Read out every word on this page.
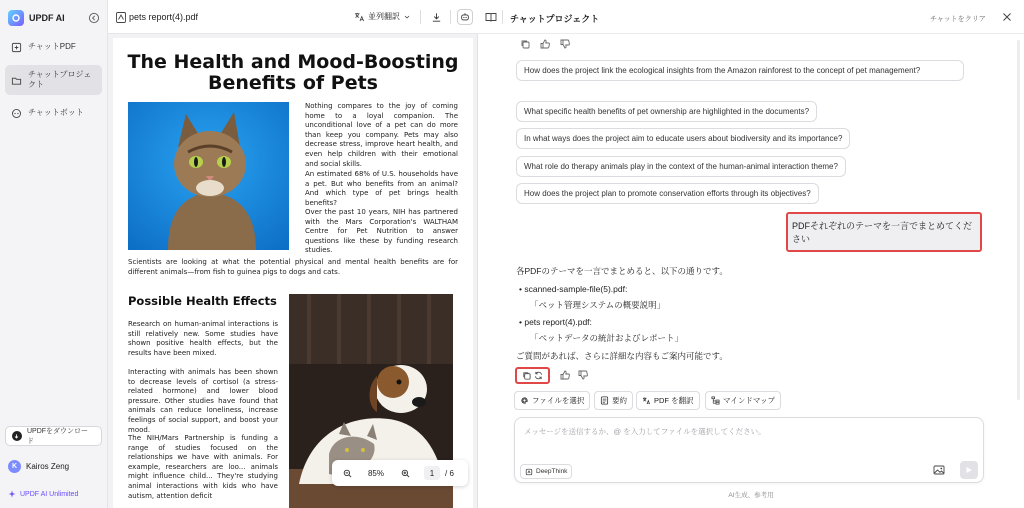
UPDF AI
チャットPDF
チャットプロジェクト
チャットボット
UPDFをダウンロード
K	Kairos Zeng
UPDF AI Unlimited
pets report(4).pdf	並列翻訳
The Health and Mood-Boosting
Benefits of Pets
Nothing compares to the joy of coming home to a loyal companion. The unconditional love of a pet can do more than keep you company. Pets may also decrease stress, improve heart health, and even help children with their emotional and social skills.
An estimated 68% of U.S. households have a pet. But who benefits from an animal? And which type of pet brings health benefits?
Over the past 10 years, NIH has partnered with the Mars Corporation's WALTHAM Centre for Pet Nutrition to answer questions like these by funding research studies.
Scientists are looking at what the potential physical and mental health benefits are for different animals—from fish to guinea pigs to dogs and cats.
Possible Health Effects
Research on human-animal interactions is still relatively new. Some studies have shown positive health effects, but the results have been mixed.
Interacting with animals has been shown to decrease levels of cortisol (a stress-related hormone) and lower blood pressure. Other studies have found that animals can reduce loneliness, increase feelings of social support, and boost your mood.
The NIH/Mars Partnership is funding a range of studies focused on the relationships we have with animals. For example, researchers are loo... animals might influence child... They're studying animal interactions with kids who have autism, attention deficit
85%	1	/ 6
チャットプロジェクト	チャットをクリア
How does the project link the ecological insights from the Amazon rainforest to the concept of pet management?
What specific health benefits of pet ownership are highlighted in the documents?
In what ways does the project aim to educate users about biodiversity and its importance?
What role do therapy animals play in the context of the human-animal interaction theme?
How does the project plan to promote conservation efforts through its objectives?
PDFそれぞれのテーマを一言でまとめてください
各PDFのテーマを一言でまとめると、以下の通りです。
• scanned-sample-file(5).pdf:
「ペット管理システムの概要説明」
• pets report(4).pdf:
「ペットデータの統計およびレポート」
ご質問があれば、さらに詳細な内容もご案内可能です。
ファイルを選択	要約	PDF を翻訳	マインドマップ
メッセージを送信するか、@ を入力してファイルを選択してください。
DeepThink
AI生成、参考用
